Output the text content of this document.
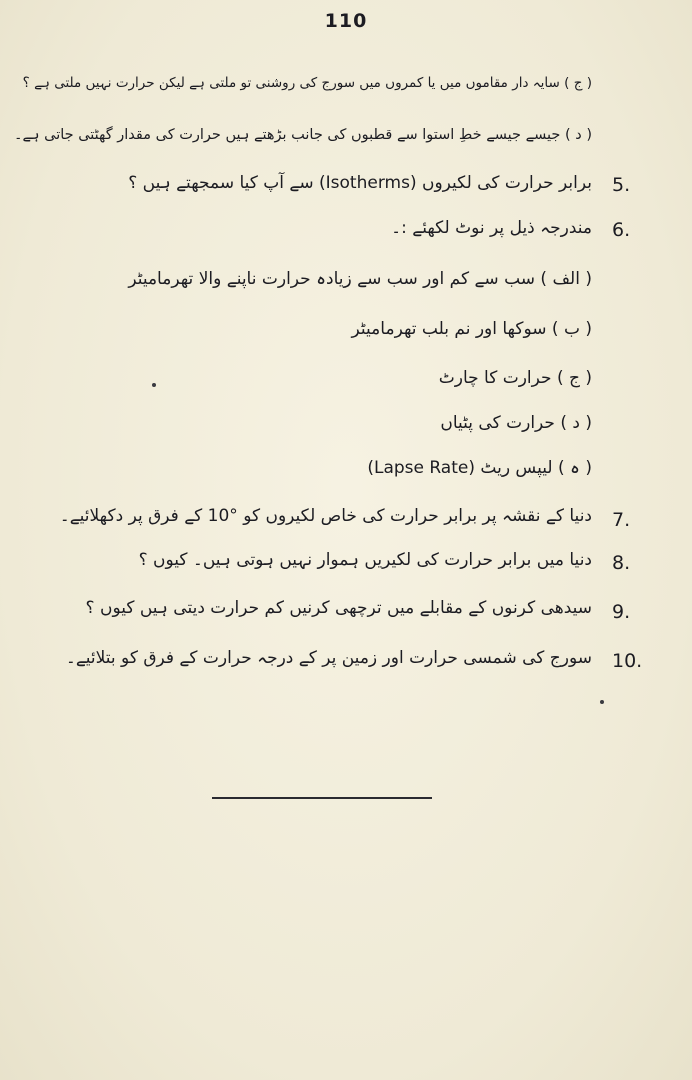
110
( ج ) سایہ دار مقاموں میں یا کمروں میں سورج کی روشنی تو ملتی ہے لیکن حرارت نہیں ملتی ہے ؟
( د ) جیسے جیسے خطِ استوا سے قطبوں کی جانب بڑھتے ہیں حرارت کی مقدار گھٹتی جاتی ہے۔
5.
برابر حرارت کی لکیروں (Isotherms) سے آپ کیا سمجھتے ہیں ؟
6.
مندرجہ ذیل پر نوٹ لکھئے :۔
( الف ) سب سے کم اور سب سے زیادہ حرارت ناپنے والا تھرمامیٹر
( ب ) سوکھا اور نم بلب تھرمامیٹر
( ج ) حرارت کا چارٹ
( د ) حرارت کی پٹیاں
( ہ ) لیپس ریٹ (Lapse Rate)
7.
دنیا کے نقشہ پر برابر حرارت کی خاص لکیروں کو °10 کے فرق پر دکھلائیے۔
8.
دنیا میں برابر حرارت کی لکیریں ہموار نہیں ہوتی ہیں۔ کیوں ؟
9.
سیدھی کرنوں کے مقابلے میں ترچھی کرنیں کم حرارت دیتی ہیں کیوں ؟
10.
سورج کی شمسی حرارت اور زمین پر کے درجہ حرارت کے فرق کو بتلائیے۔
